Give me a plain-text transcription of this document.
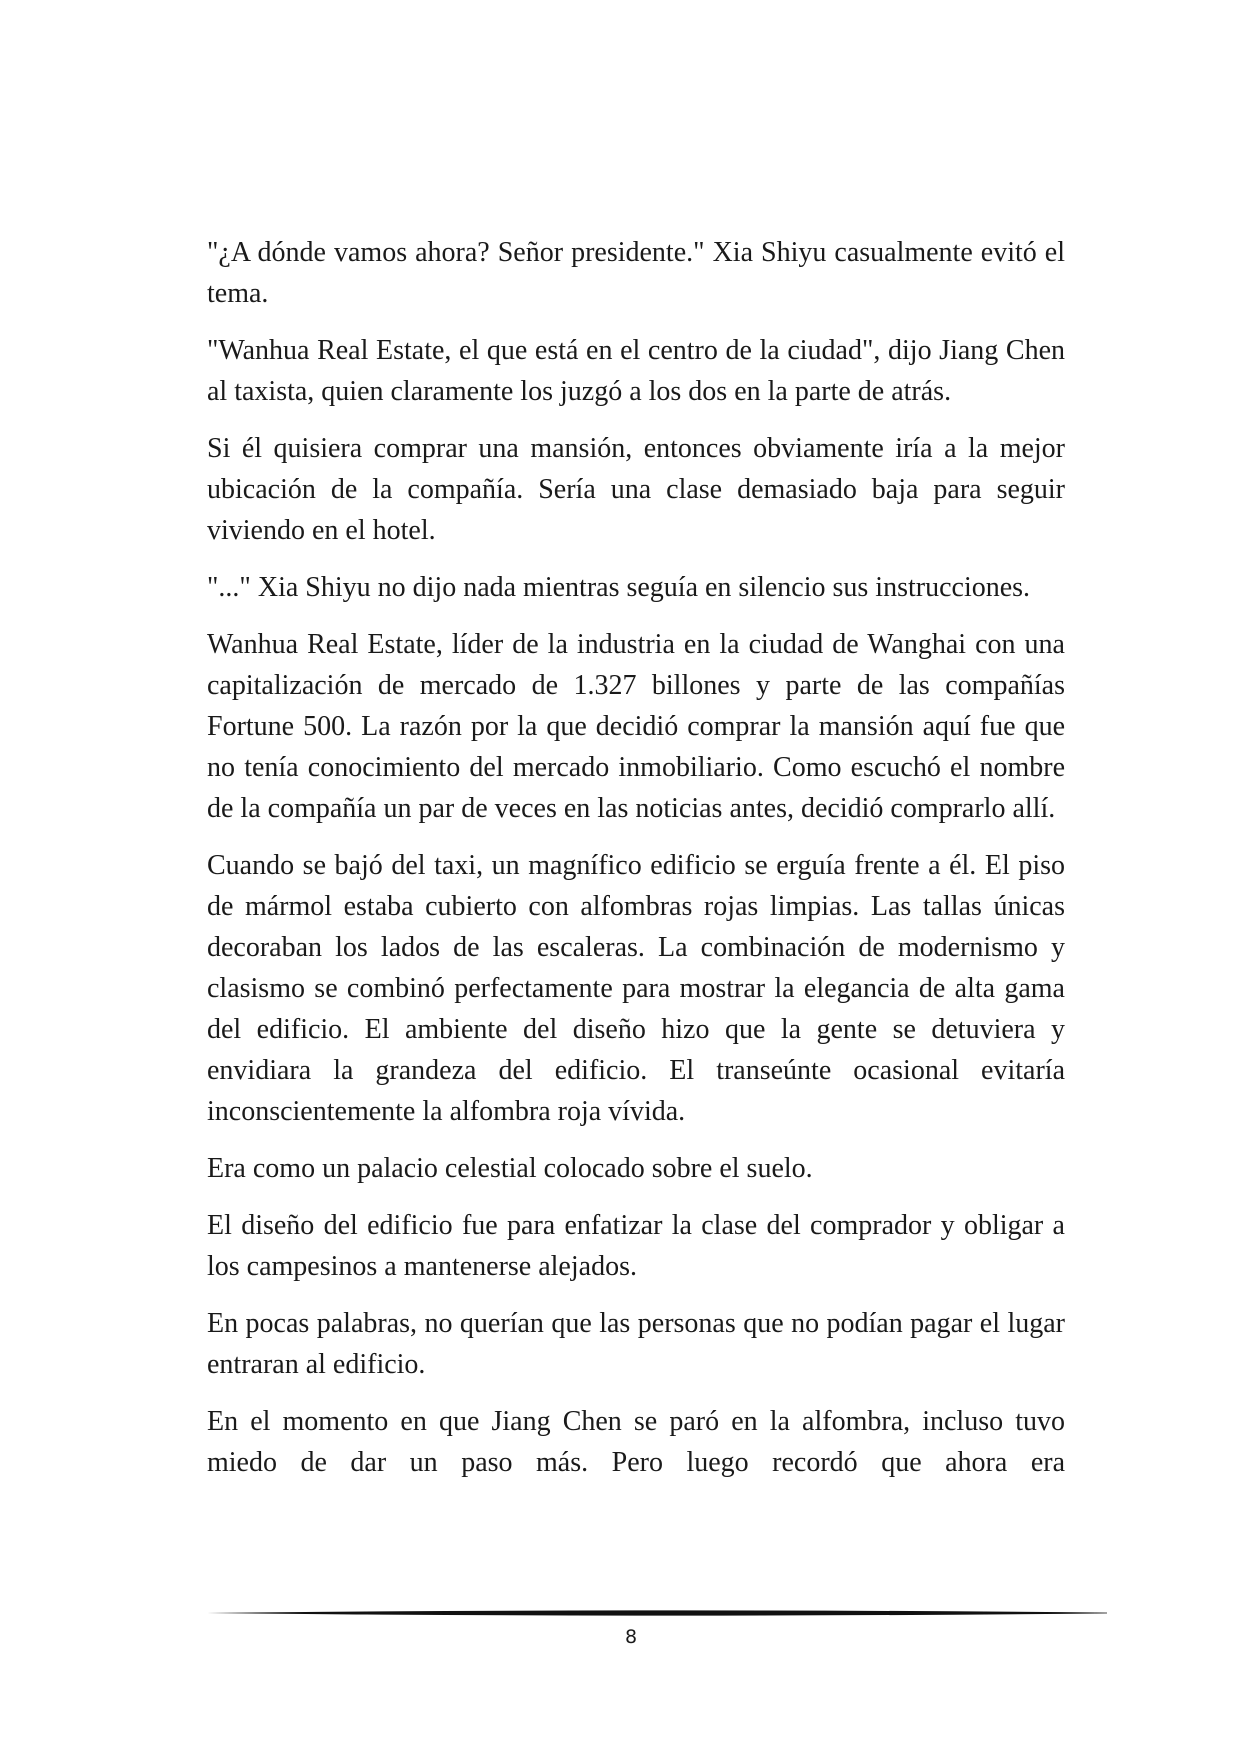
"¿A dónde vamos ahora? Señor presidente." Xia Shiyu casualmente evitó el tema.

"Wanhua Real Estate, el que está en el centro de la ciudad", dijo Jiang Chen al taxista, quien claramente los juzgó a los dos en la parte de atrás.

Si él quisiera comprar una mansión, entonces obviamente iría a la mejor ubicación de la compañía. Sería una clase demasiado baja para seguir viviendo en el hotel.

"..." Xia Shiyu no dijo nada mientras seguía en silencio sus instrucciones.

Wanhua Real Estate, líder de la industria en la ciudad de Wanghai con una capitalización de mercado de 1.327 billones y parte de las compañías Fortune 500. La razón por la que decidió comprar la mansión aquí fue que no tenía conocimiento del mercado inmobiliario. Como escuchó el nombre de la compañía un par de veces en las noticias antes, decidió comprarlo allí.

Cuando se bajó del taxi, un magnífico edificio se erguía frente a él. El piso de mármol estaba cubierto con alfombras rojas limpias. Las tallas únicas decoraban los lados de las escaleras. La combinación de modernismo y clasismo se combinó perfectamente para mostrar la elegancia de alta gama del edificio. El ambiente del diseño hizo que la gente se detuviera y envidiara la grandeza del edificio. El transeúnte ocasional evitaría inconscientemente la alfombra roja vívida.

Era como un palacio celestial colocado sobre el suelo.

El diseño del edificio fue para enfatizar la clase del comprador y obligar a los campesinos a mantenerse alejados.

En pocas palabras, no querían que las personas que no podían pagar el lugar entraran al edificio.

En el momento en que Jiang Chen se paró en la alfombra, incluso tuvo miedo de dar un paso más. Pero luego recordó que ahora era

8
